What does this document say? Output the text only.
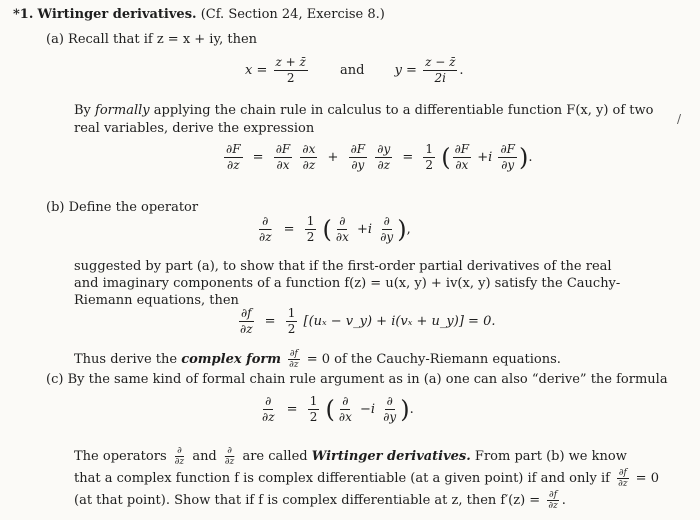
*1. Wirtinger derivatives. (Cf. Section 24, Exercise 8.)
(a) Recall that if z = x + iy, then
$x = \frac{z + z̄}{2}$ and $y = \frac{z - z̄}{2i}$ .
By formally applying the chain rule in calculus to a differentiable function F(x, y) of two
real variables, derive the expression
/
$\frac{\partial F}{\partial z} = \frac{\partial F}{\partial x}$
$\frac{\partial x}{\partial z} + \frac{\partial F}{\partial y}$
$\frac{\partial y}{\partial z} = \frac{1}{2}$ ( $\frac{\partial F}{\partial x} +i \frac{\partial F}{\partial y}$ ).
(b) Define the operator
$\frac{\partial}{\partial z} = \frac{1}{2}$ ( $\frac{\partial}{\partial x} +i \frac{\partial}{\partial y}$ ),
suggested by part (a), to show that if the first-order partial derivatives of the real and imaginary components of a function f(z) = u(x, y) + iv(x, y) satisfy the Cauchy-Riemann equations, then
$\frac{\partial f}{\partial z} = \frac{1}{2} [(u_x$ − v_y) + i(vₓ + u_y)] = 0.
Thus derive the complex form $\frac{\partial f}{\partial z} = 0$ of the Cauchy-Riemann equations.
(c) By the same kind of formal chain rule argument as in (a) one can also “derive” the formula
$\frac{\partial}{\partial z} = \frac{1}{2}$ ( $\frac{\partial}{\partial x} -i \frac{\partial}{\partial y}$ ).
The operators $\frac{\partial}{\partial z}$ and $\frac{\partial}{\partial z}$ are called Wirtinger derivatives. From part (b) we know
that a complex function f is complex differentiable (at a given point) if and only if $\frac{\partial f}{\partial z} = 0$
(at that point). Show that if f is complex differentiable at z, then $f'(z) = \frac{\partial f}{\partial z}$ .
